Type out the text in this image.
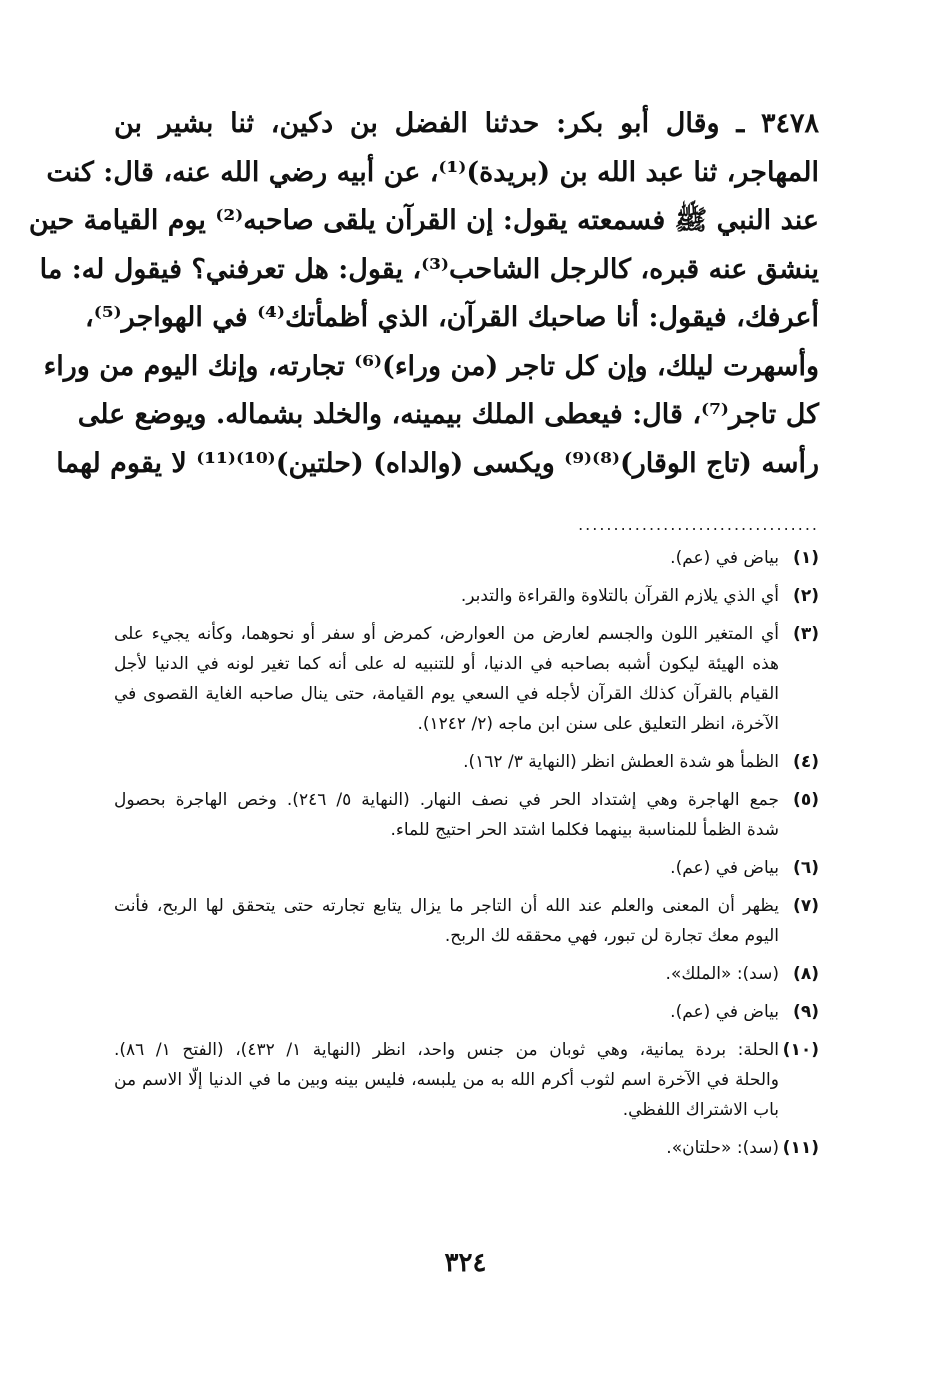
٣٤٧٨ ـ وقال أبو بكر: حدثنا الفضل بن دكين، ثنا بشير بن
المهاجر، ثنا عبد الله بن (بريدة)⁽¹⁾، عن أبيه رضي الله عنه، قال: كنت
عند النبي ﷺ فسمعته يقول: إن القرآن يلقى صاحبه⁽²⁾ يوم القيامة حين
ينشق عنه قبره، كالرجل الشاحب⁽³⁾، يقول: هل تعرفني؟ فيقول له: ما
أعرفك، فيقول: أنا صاحبك القرآن، الذي أظمأتك⁽⁴⁾ في الهواجر⁽⁵⁾،
وأسهرت ليلك، وإن كل تاجر (من وراء)⁽⁶⁾ تجارته، وإنك اليوم من وراء
كل تاجر⁽⁷⁾، قال: فيعطى الملك بيمينه، والخلد بشماله. ويوضع على
رأسه (تاج الوقار)⁽⁸⁾⁽⁹⁾ ويكسى (والداه) (حلتين)⁽¹⁰⁾⁽¹¹⁾ لا يقوم لهما
..................................
(١)
بياض في (عم).
(٢)
أي الذي يلازم القرآن بالتلاوة والقراءة والتدبر.
(٣)
أي المتغير اللون والجسم لعارض من العوارض، كمرض أو سفر أو نحوهما، وكأنه يجيء على
هذه الهيئة ليكون أشبه بصاحبه في الدنيا، أو للتنبيه له على أنه كما تغير لونه في الدنيا لأجل
القيام بالقرآن كذلك القرآن لأجله في السعي يوم القيامة، حتى ينال صاحبه الغاية القصوى في
الآخرة، انظر التعليق على سنن ابن ماجه (٢/ ١٢٤٢).
(٤)
الظمأ هو شدة العطش انظر (النهاية ٣/ ١٦٢).
(٥)
جمع الهاجرة وهي إشتداد الحر في نصف النهار. (النهاية ٥/ ٢٤٦). وخص الهاجرة بحصول
شدة الظمأ للمناسبة بينهما فكلما اشتد الحر احتيج للماء.
(٦)
بياض في (عم).
(٧)
يظهر أن المعنى والعلم عند الله أن التاجر ما يزال يتابع تجارته حتى يتحقق لها الربح، فأنت
اليوم معك تجارة لن تبور، فهي محققه لك الربح.
(٨)
(سد): «الملك».
(٩)
بياض في (عم).
(١٠)
الحلة: بردة يمانية، وهي ثوبان من جنس واحد، انظر (النهاية ١/ ٤٣٢)، (الفتح ١/ ٨٦).
والحلة في الآخرة اسم لثوب أكرم الله به من يلبسه، فليس بينه وبين ما في الدنيا إلّا الاسم من
باب الاشتراك اللفظي.
(١١)
(سد): «حلتان».
٣٢٤
